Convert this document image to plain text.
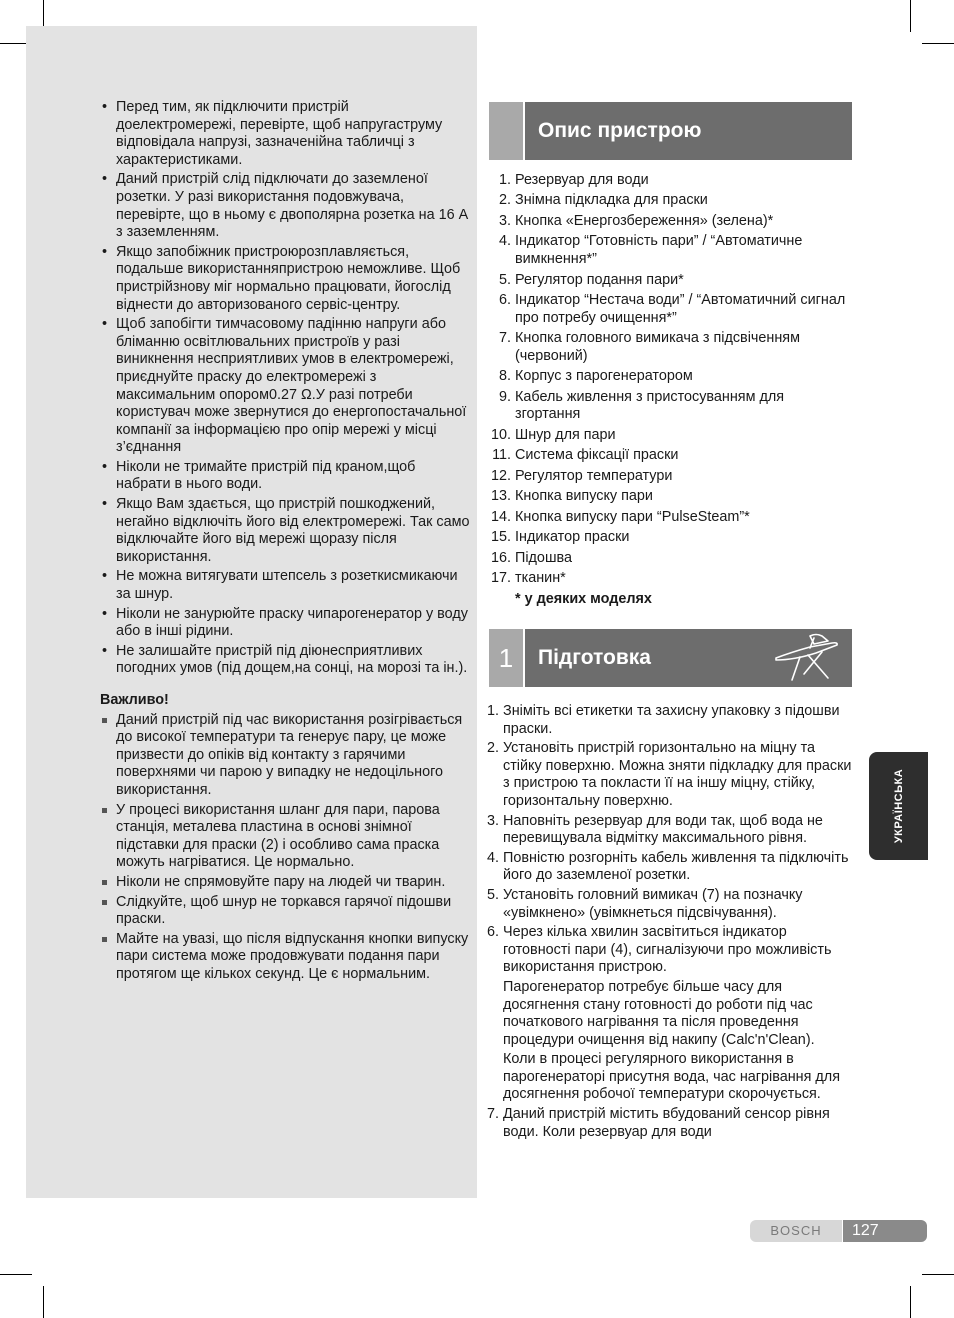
• Перед тим, як підключити пристрій доелектромережі, перевірте, щоб напругаструму відповідала напрузі, зазначенійна табличці з характеристиками.
• Даний пристрій слід підключати до заземленої розетки. У разі використання подовжувача, перевірте, що в ньому є двополярна розетка на 16 А з заземленням.
• Якщо запобіжник пристроюрозплавляється, подальше використанняпристрою неможливе. Щоб пристрійзнову міг нормально працювати, йогослід віднести до авторизованого сервіс-центру.
• Щоб запобігти тимчасовому падінню напруги або бліманню освітлювальних пристроїв у разі виникнення несприятливих умов в електромережі, приєднуйте праску до електромережі з максимальним опором0.27 Ω.У разі потреби користувач може звернутися до енергопостачальної компанії за інформацією про опір мережі у місці з’єднання
• Ніколи не тримайте пристрій під краном,щоб набрати в нього води.
• Якщо Вам здається, що пристрій пошкоджений, негайно відключіть його від електромережі. Так само відключайте його від мережі щоразу після використання.
• Не можна витягувати штепсель з розеткисмикаючи за шнур.
• Ніколи не занурюйте праску чипарогенератор у воду або в інші рідини.
• Не залишайте пристрій під діюнесприятливих погодних умов (під дощем,на сонці, на морозі та ін.).
Важливо!
Даний пристрій під час використання розігрівається до високої температури та генерує пару, це може призвести до опіків від контакту з гарячими поверхнями чи парою у випадку не недоцільного використання.
У процесі використання шланг для пари, парова станція, металева пластина в основі знімної підставки для праски (2) і особливо сама праска можуть нагріватися. Це нормально.
Ніколи не спрямовуйте пару на людей чи тварин.
Слідкуйте, щоб шнур не торкався гарячої підошви праски.
Майте на увазі, що після відпускання кнопки випуску пари система може продовжувати подання пари протягом ще кількох секунд. Це є нормальним.
Опис пристрою
1. Резервуар для води
2. Знімна підкладка для праски
3. Кнопка «Енергозбереження» (зелена)*
4. Індикатор “Готовність пари” / “Автоматичне вимкнення*”
5. Регулятор подання пари*
6. Індикатор “Нестача води” / “Автоматичний сигнал про потребу очищення*”
7. Кнопка головного вимикача з підсвіченням (червоний)
8. Корпус з парогенератором
9. Кабель живлення з пристосуванням для згортання
10. Шнур для пари
11. Система фіксації праски
12. Регулятор температури
13. Кнопка випуску пари
14. Кнопка випуску пари “PulseSteam”*
15. Індикатор праски
16. Підошва
17. тканин*
* у деяких моделях
1	Підготовка
1. Зніміть всі етикетки та захисну упаковку з підошви праски.
2. Установіть пристрій горизонтально на міцну та стійку поверхню. Можна зняти підкладку для праски з пристрою та покласти її на іншу міцну, стійку, горизонтальну поверхню.
3. Наповніть резервуар для води так, щоб вода не перевищувала відмітку максимального рівня.
4. Повністю розгорніть кабель живлення та підключіть його до заземленої розетки.
5. Установіть головний вимикач (7) на позначку «увімкнено» (увімкнеться підсвічування).
6. Через кілька хвилин засвітиться індикатор готовності пари (4), сигналізуючи про можливість використання пристрою.
Парогенератор потребує більше часу для досягнення стану готовності до роботи під час початкового нагрівання та після проведення процедури очищення від накипу (Calc'n'Clean).
Коли в процесі регулярного використання в парогенераторі присутня вода, час нагрівання для досягнення робочої температури скорочується.
7. Даний пристрій містить вбудований сенсор рівня води. Коли резервуар для води
УКРАЇНСЬКА
BOSCH	127
